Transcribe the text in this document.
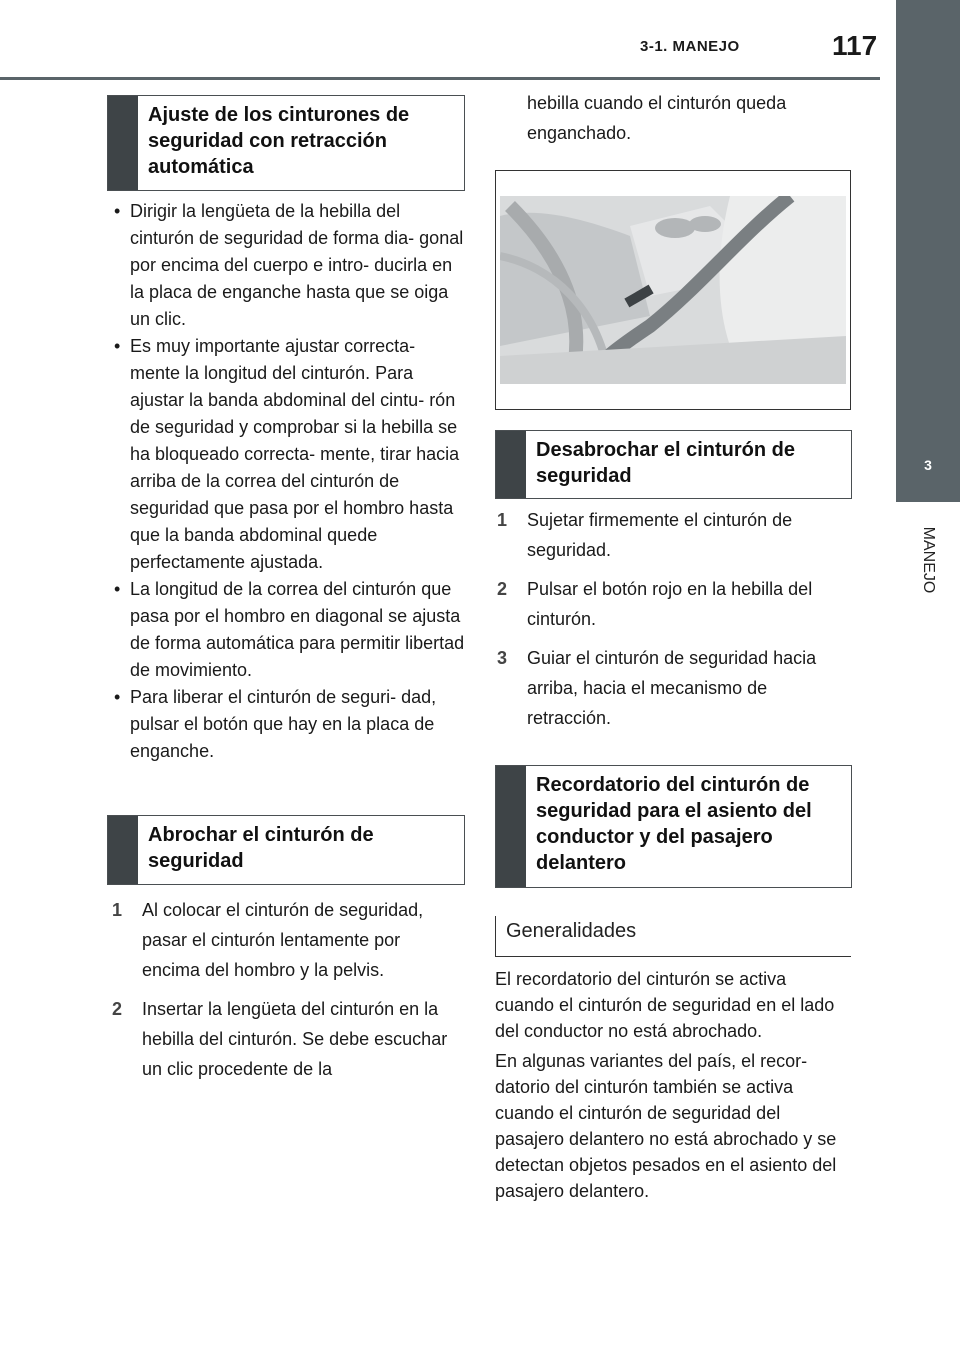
3-1. MANEJO	117
3
MANEJO
Ajuste de los cinturones de seguridad con retracción automática
• Dirigir la lengüeta de la hebilla del cinturón de seguridad de forma dia- gonal por encima del cuerpo e intro- ducirla en la placa de enganche hasta que se oiga un clic.
• Es muy importante ajustar correcta- mente la longitud del cinturón. Para ajustar la banda abdominal del cintu- rón de seguridad y comprobar si la hebilla se ha bloqueado correcta- mente, tirar hacia arriba de la correa del cinturón de seguridad que pasa por el hombro hasta que la banda abdominal quede perfectamente ajustada.
• La longitud de la correa del cinturón que pasa por el hombro en diagonal se ajusta de forma automática para permitir libertad de movimiento.
• Para liberar el cinturón de seguri- dad, pulsar el botón que hay en la placa de enganche.
Abrochar el cinturón de seguridad
1 Al colocar el cinturón de seguridad, pasar el cinturón lentamente por encima del hombro y la pelvis.
2 Insertar la lengüeta del cinturón en la hebilla del cinturón. Se debe escuchar un clic procedente de la
hebilla cuando el cinturón queda enganchado.
Desabrochar el cinturón de seguridad
1 Sujetar firmemente el cinturón de seguridad.
2 Pulsar el botón rojo en la hebilla del cinturón.
3 Guiar el cinturón de seguridad hacia arriba, hacia el mecanismo de retracción.
Recordatorio del cinturón de seguridad para el asiento del conductor y del pasajero delantero
Generalidades

El recordatorio del cinturón se activa cuando el cinturón de seguridad en el lado del conductor no está abrochado.

En algunas variantes del país, el recor- datorio del cinturón también se activa cuando el cinturón de seguridad del pasajero delantero no está abrochado y se detectan objetos pesados en el asiento del pasajero delantero.
